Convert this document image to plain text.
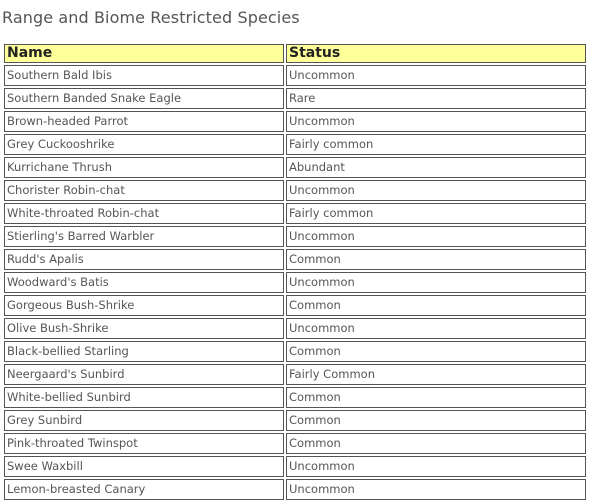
Range and Biome Restricted Species
Name	Status
Southern Bald Ibis	Uncommon
Southern Banded Snake Eagle	Rare
Brown-headed Parrot	Uncommon
Grey Cuckooshrike	Fairly common
Kurrichane Thrush	Abundant
Chorister Robin-chat	Uncommon
White-throated Robin-chat	Fairly common
Stierling's Barred Warbler	Uncommon
Rudd's Apalis	Common
Woodward's Batis	Uncommon
Gorgeous Bush-Shrike	Common
Olive Bush-Shrike	Uncommon
Black-bellied Starling	Common
Neergaard's Sunbird	Fairly Common
White-bellied Sunbird	Common
Grey Sunbird	Common
Pink-throated Twinspot	Common
Swee Waxbill	Uncommon
Lemon-breasted Canary	Uncommon
